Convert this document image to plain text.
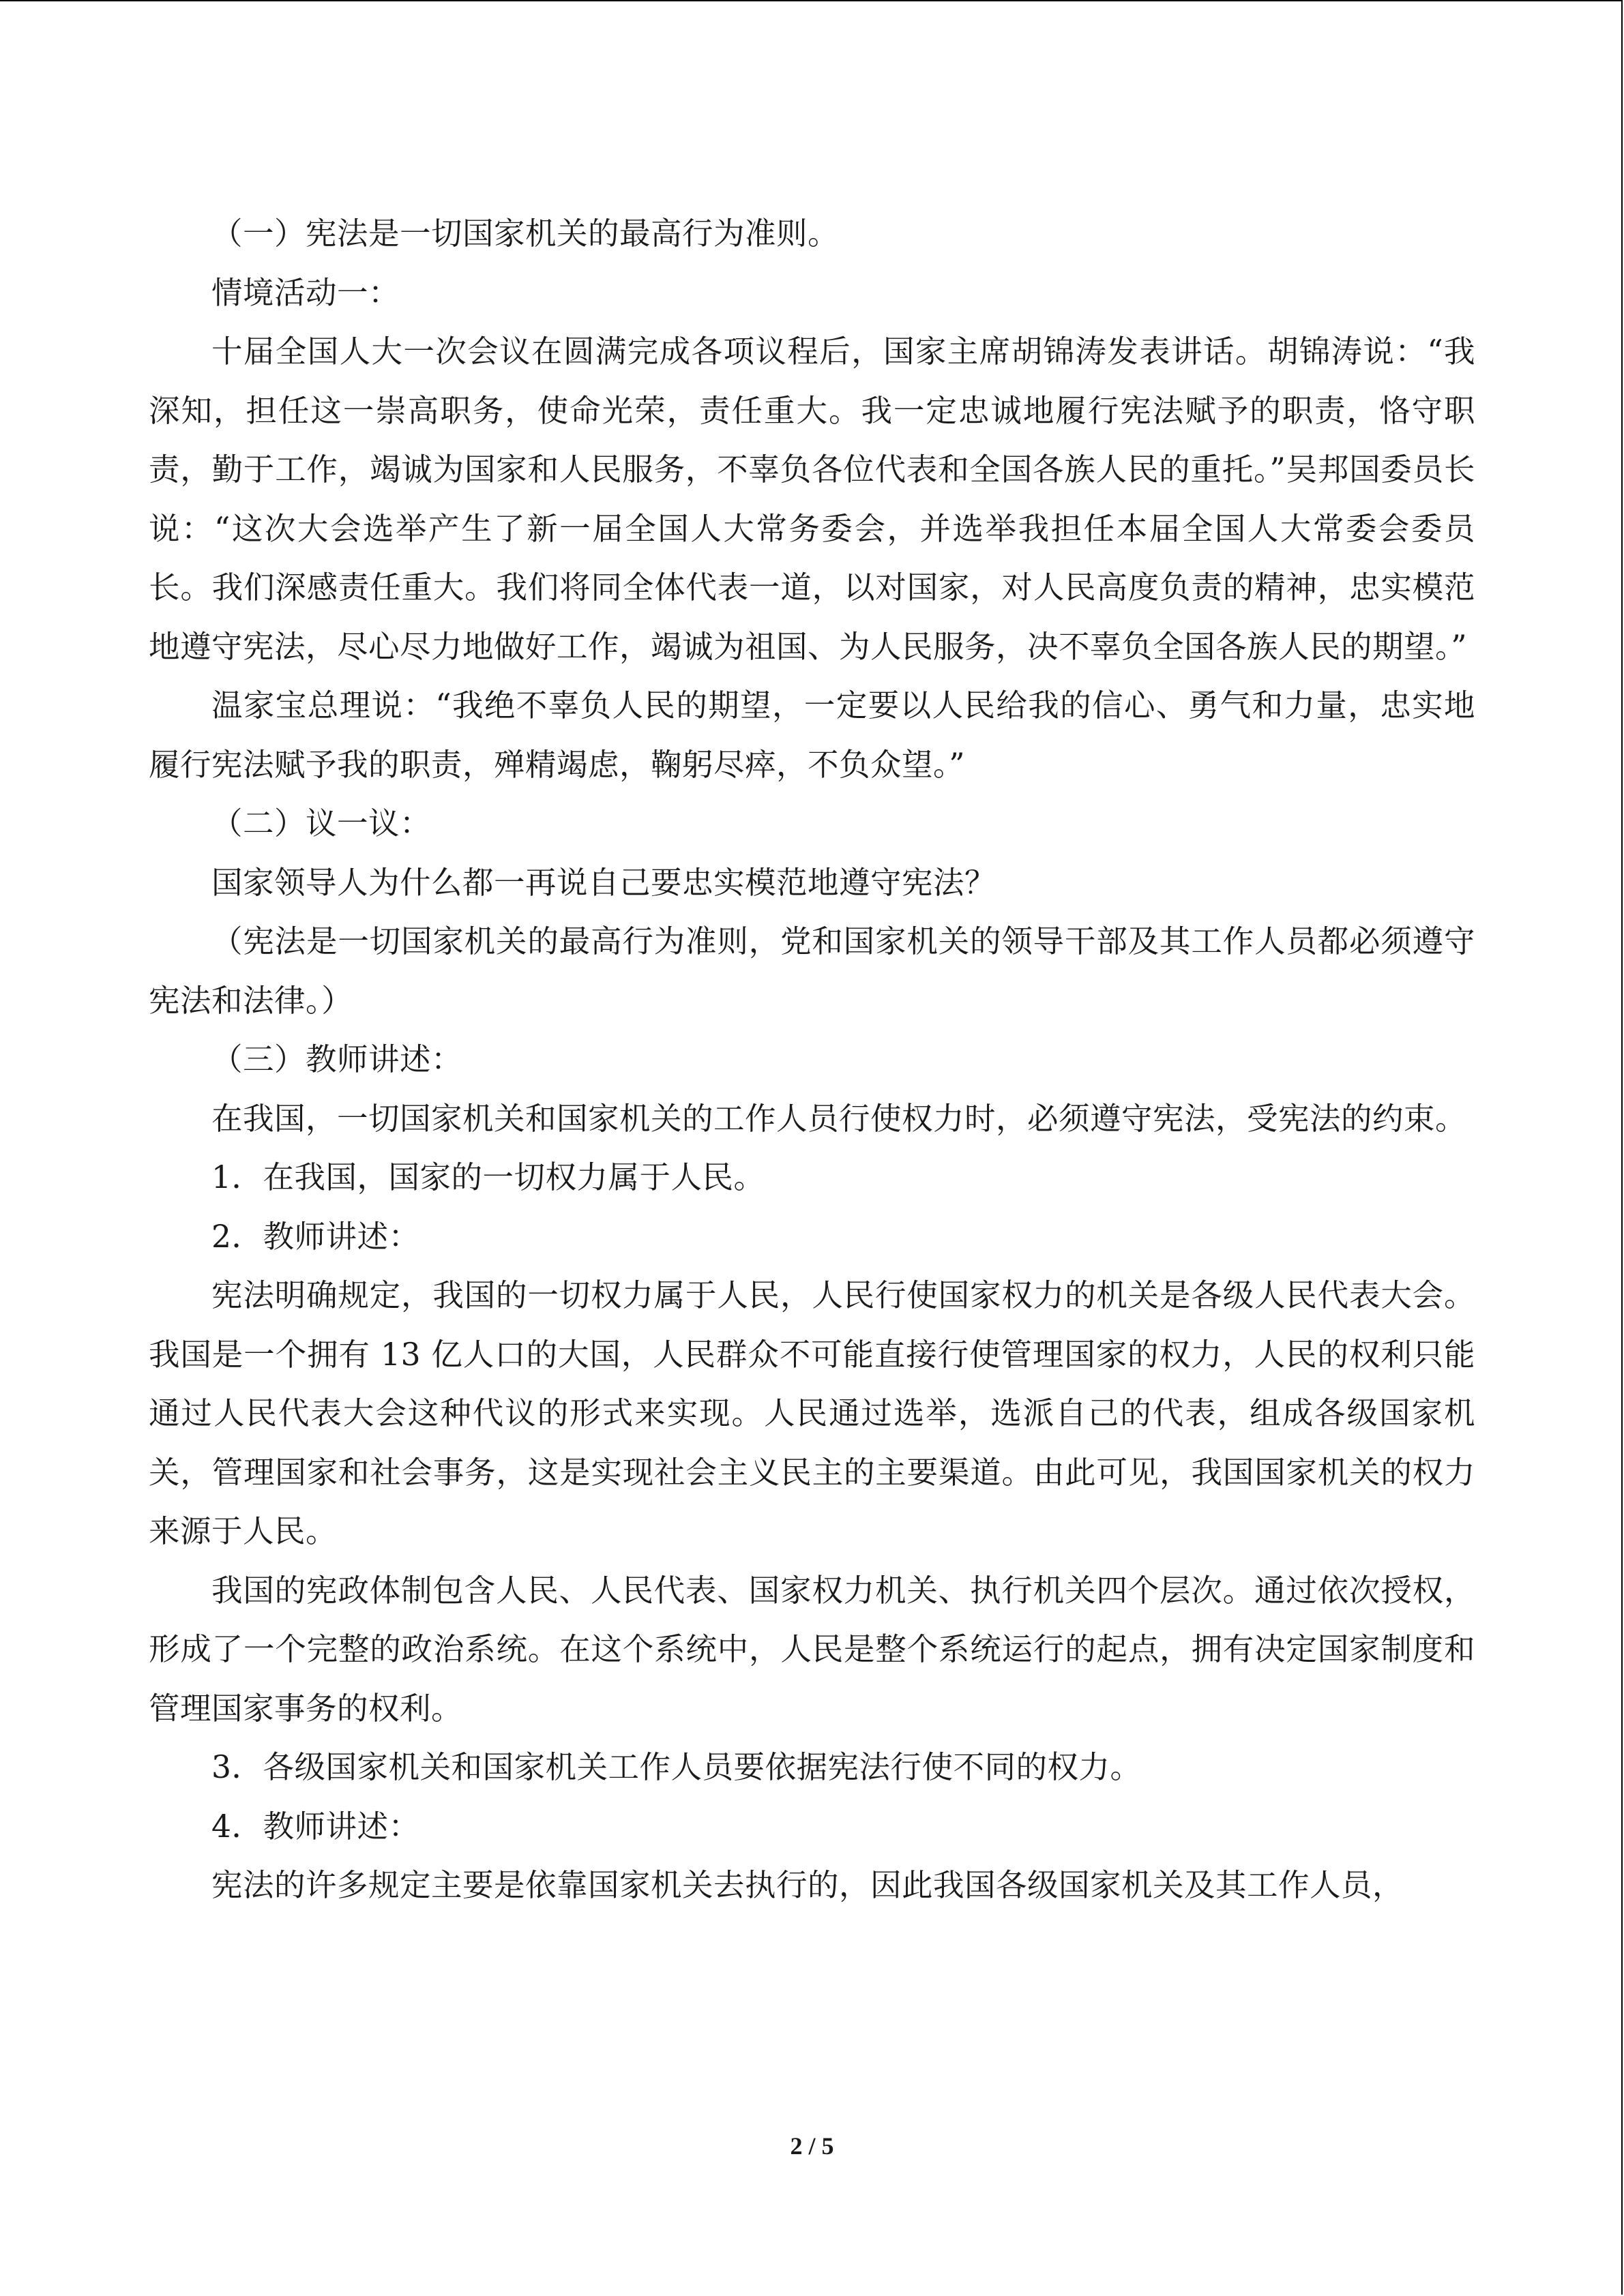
（一）宪法是一切国家机关的最高行为准则。

情境活动一：

十届全国人大一次会议在圆满完成各项议程后，国家主席胡锦涛发表讲话。胡锦涛说：“我深知，担任这一崇高职务，使命光荣，责任重大。我一定忠诚地履行宪法赋予的职责，恪守职责，勤于工作，竭诚为国家和人民服务，不辜负各位代表和全国各族人民的重托。”吴邦国委员长说：“这次大会选举产生了新一届全国人大常务委会，并选举我担任本届全国人大常委会委员长。我们深感责任重大。我们将同全体代表一道，以对国家，对人民高度负责的精神，忠实模范地遵守宪法，尽心尽力地做好工作，竭诚为祖国、为人民服务，决不辜负全国各族人民的期望。”

温家宝总理说：“我绝不辜负人民的期望，一定要以人民给我的信心、勇气和力量，忠实地履行宪法赋予我的职责，殚精竭虑，鞠躬尽瘁，不负众望。”

（二）议一议：

国家领导人为什么都一再说自己要忠实模范地遵守宪法？

（宪法是一切国家机关的最高行为准则，党和国家机关的领导干部及其工作人员都必须遵守宪法和法律。）

（三）教师讲述：

在我国，一切国家机关和国家机关的工作人员行使权力时，必须遵守宪法，受宪法的约束。

1．在我国，国家的一切权力属于人民。

2．教师讲述：

宪法明确规定，我国的一切权力属于人民，人民行使国家权力的机关是各级人民代表大会。我国是一个拥有 13 亿人口的大国，人民群众不可能直接行使管理国家的权力，人民的权利只能通过人民代表大会这种代议的形式来实现。人民通过选举，选派自己的代表，组成各级国家机关，管理国家和社会事务，这是实现社会主义民主的主要渠道。由此可见，我国国家机关的权力来源于人民。

我国的宪政体制包含人民、人民代表、国家权力机关、执行机关四个层次。通过依次授权，形成了一个完整的政治系统。在这个系统中，人民是整个系统运行的起点，拥有决定国家制度和管理国家事务的权利。

3．各级国家机关和国家机关工作人员要依据宪法行使不同的权力。

4．教师讲述：

宪法的许多规定主要是依靠国家机关去执行的，因此我国各级国家机关及其工作人员，

2 / 5
